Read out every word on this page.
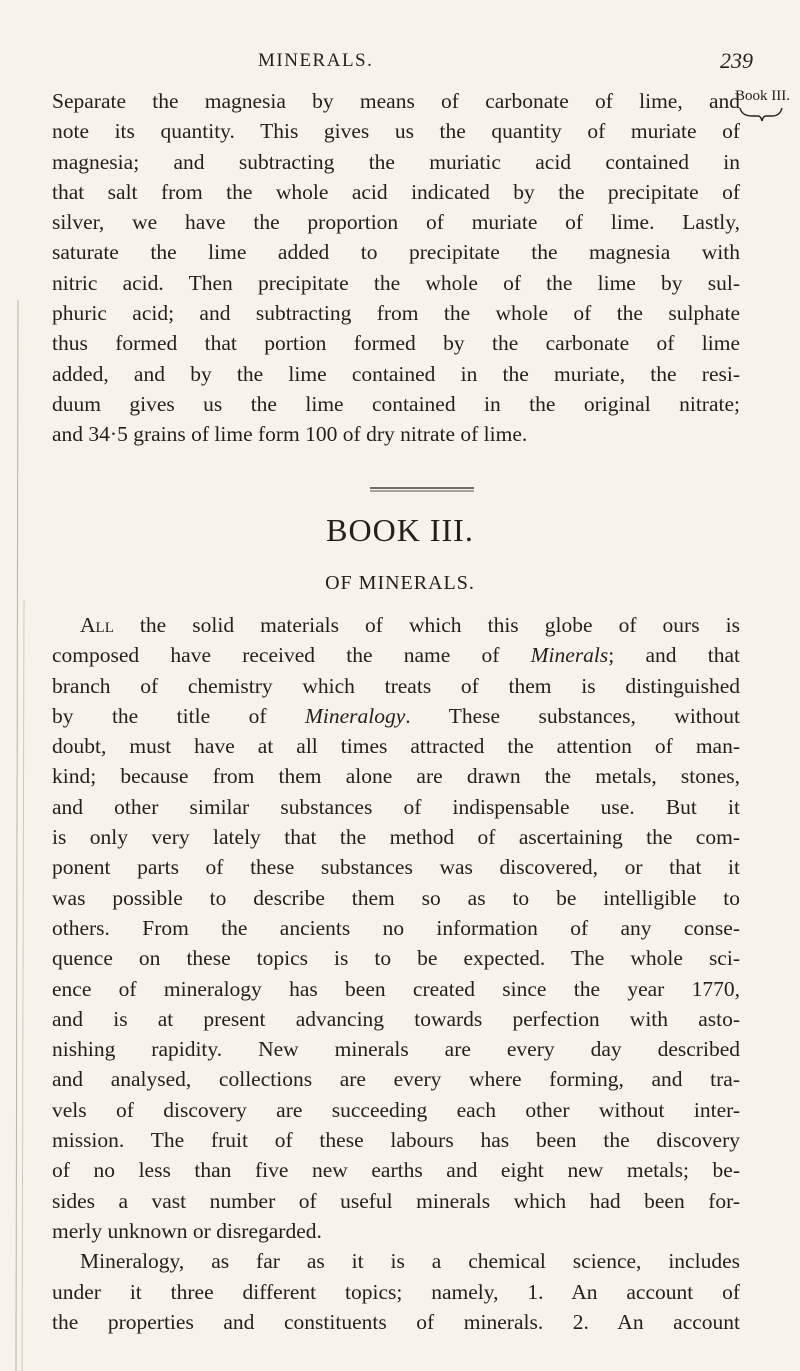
MINERALS.	239
Book III.
Separate the magnesia by means of carbonate of lime, and
note its quantity. This gives us the quantity of muriate of
magnesia; and subtracting the muriatic acid contained in
that salt from the whole acid indicated by the precipitate of
silver, we have the proportion of muriate of lime. Lastly,
saturate the lime added to precipitate the magnesia with
nitric acid. Then precipitate the whole of the lime by sul-
phuric acid; and subtracting from the whole of the sulphate
thus formed that portion formed by the carbonate of lime
added, and by the lime contained in the muriate, the resi-
duum gives us the lime contained in the original nitrate;
and 34·5 grains of lime form 100 of dry nitrate of lime.
BOOK III.
OF MINERALS.
All the solid materials of which this globe of ours is
composed have received the name of Minerals; and that
branch of chemistry which treats of them is distinguished
by the title of Mineralogy. These substances, without
doubt, must have at all times attracted the attention of man-
kind; because from them alone are drawn the metals, stones,
and other similar substances of indispensable use. But it
is only very lately that the method of ascertaining the com-
ponent parts of these substances was discovered, or that it
was possible to describe them so as to be intelligible to
others. From the ancients no information of any conse-
quence on these topics is to be expected. The whole sci-
ence of mineralogy has been created since the year 1770,
and is at present advancing towards perfection with asto-
nishing rapidity. New minerals are every day described
and analysed, collections are every where forming, and tra-
vels of discovery are succeeding each other without inter-
mission. The fruit of these labours has been the discovery
of no less than five new earths and eight new metals; be-
sides a vast number of useful minerals which had been for-
merly unknown or disregarded.
Mineralogy, as far as it is a chemical science, includes
under it three different topics; namely, 1. An account of
the properties and constituents of minerals. 2. An account
